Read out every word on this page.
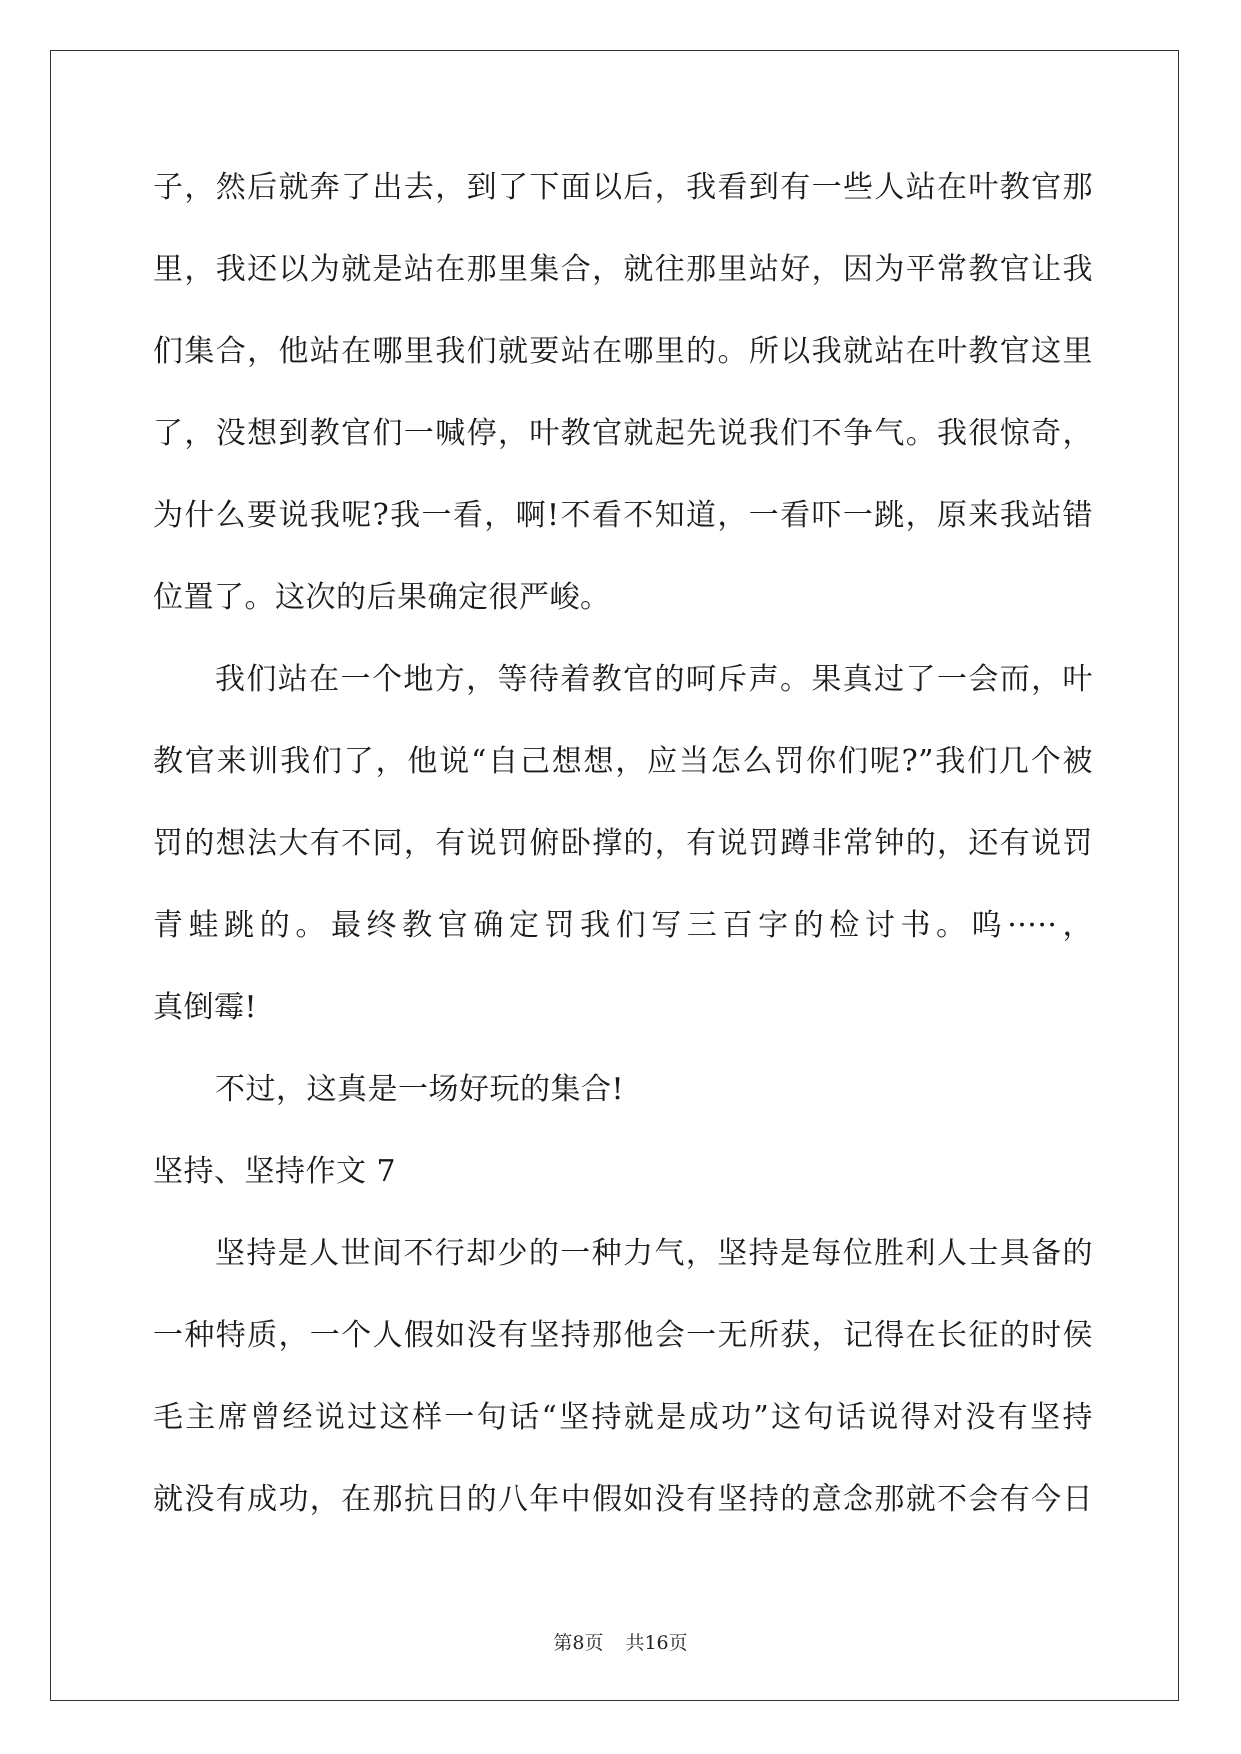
子，然后就奔了出去，到了下面以后，我看到有一些人站在叶教官那
里，我还以为就是站在那里集合，就往那里站好，因为平常教官让我
们集合，他站在哪里我们就要站在哪里的。所以我就站在叶教官这里
了，没想到教官们一喊停，叶教官就起先说我们不争气。我很惊奇，
为什么要说我呢?我一看，啊!不看不知道，一看吓一跳，原来我站错
位置了。这次的后果确定很严峻。
我们站在一个地方，等待着教官的呵斥声。果真过了一会而，叶
教官来训我们了，他说“自己想想，应当怎么罚你们呢?”我们几个被
罚的想法大有不同，有说罚俯卧撑的，有说罚蹲非常钟的，还有说罚
青蛙跳的。最终教官确定罚我们写三百字的检讨书。呜·····，
真倒霉!
不过，这真是一场好玩的集合!
坚持、坚持作文 7
坚持是人世间不行却少的一种力气，坚持是每位胜利人士具备的
一种特质，一个人假如没有坚持那他会一无所获，记得在长征的时侯
毛主席曾经说过这样一句话“坚持就是成功”这句话说得对没有坚持
就没有成功，在那抗日的八年中假如没有坚持的意念那就不会有今日
第8页 共16页
